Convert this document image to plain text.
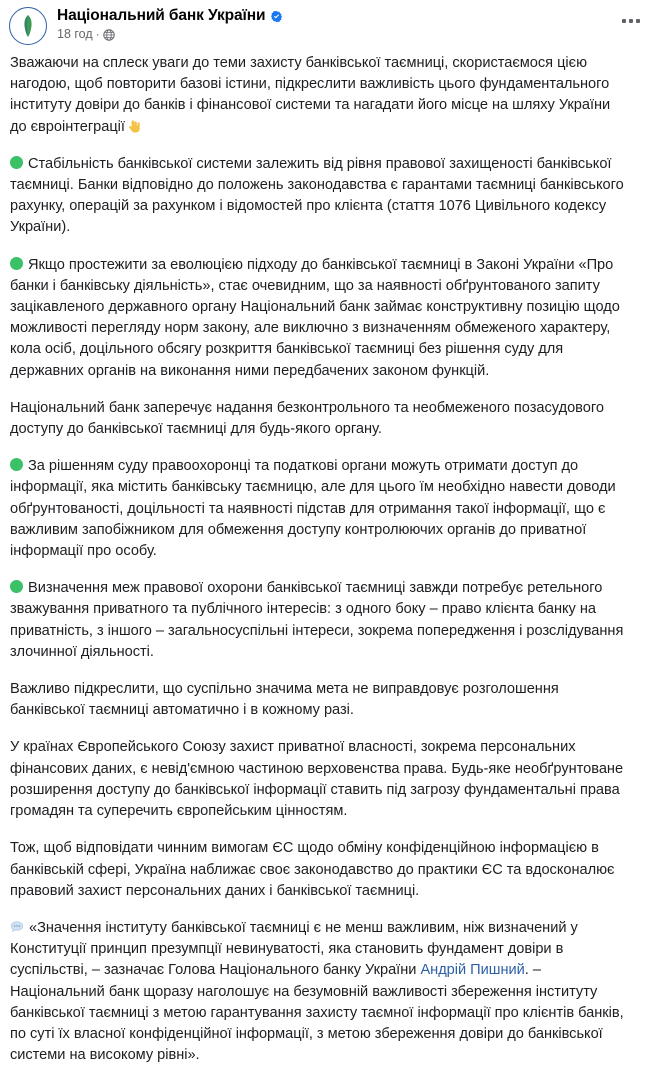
Національний банк України
18 год ·

Зважаючи на сплеск уваги до теми захисту банківської таємниці, скористаємося цією нагодою, щоб повторити базові істини, підкреслити важливість цього фундаментального інституту довіри до банків і фінансової системи та нагадати його місце на шляху України до євроінтеграції

Стабільність банківської системи залежить від рівня правової захищеності банківської таємниці. Банки відповідно до положень законодавства є гарантами таємниці банківського рахунку, операцій за рахунком і відомостей про клієнта (стаття 1076 Цивільного кодексу України).

Якщо простежити за еволюцією підходу до банківської таємниці в Законі України «Про банки і банківську діяльність», стає очевидним, що за наявності обґрунтованого запиту зацікавленого державного органу Національний банк займає конструктивну позицію щодо можливості перегляду норм закону, але виключно з визначенням обмеженого характеру, кола осіб, доцільного обсягу розкриття банківської таємниці без рішення суду для державних органів на виконання ними передбачених законом функцій.

Національний банк заперечує надання безконтрольного та необмеженого позасудового доступу до банківської таємниці для будь-якого органу.

За рішенням суду правоохоронці та податкові органи можуть отримати доступ до інформації, яка містить банківську таємницю, але для цього їм необхідно навести доводи обґрунтованості, доцільності та наявності підстав для отримання такої інформації, що є важливим запобіжником для обмеження доступу контролюючих органів до приватної інформації про особу.

Визначення меж правової охорони банківської таємниці завжди потребує ретельного зважування приватного та публічного інтересів: з одного боку – право клієнта банку на приватність, з іншого – загальносуспільні інтереси, зокрема попередження і розслідування злочинної діяльності.

Важливо підкреслити, що суспільно значима мета не виправдовує розголошення банківської таємниці автоматично і в кожному разі.

У країнах Європейського Союзу захист приватної власності, зокрема персональних фінансових даних, є невід'ємною частиною верховенства права. Будь-яке необґрунтоване розширення доступу до банківської інформації ставить під загрозу фундаментальні права громадян та суперечить європейським цінностям.

Тож, щоб відповідати чинним вимогам ЄС щодо обміну конфіденційною інформацією в банківській сфері, Україна наближає своє законодавство до практики ЄС та вдосконалює правовий захист персональних даних і банківської таємниці.

«Значення інституту банківської таємниці є не менш важливим, ніж визначений у Конституції принцип презумпції невинуватості, яка становить фундамент довіри в суспільстві, – зазначає Голова Національного банку України Андрій Пишний. – Національний банк щоразу наголошує на безумовній важливості збереження інституту банківської таємниці з метою гарантування захисту таємної інформації про клієнтів банків, по суті їх власної конфіденційної інформації, з метою збереження довіри до банківської системи на високому рівні».
